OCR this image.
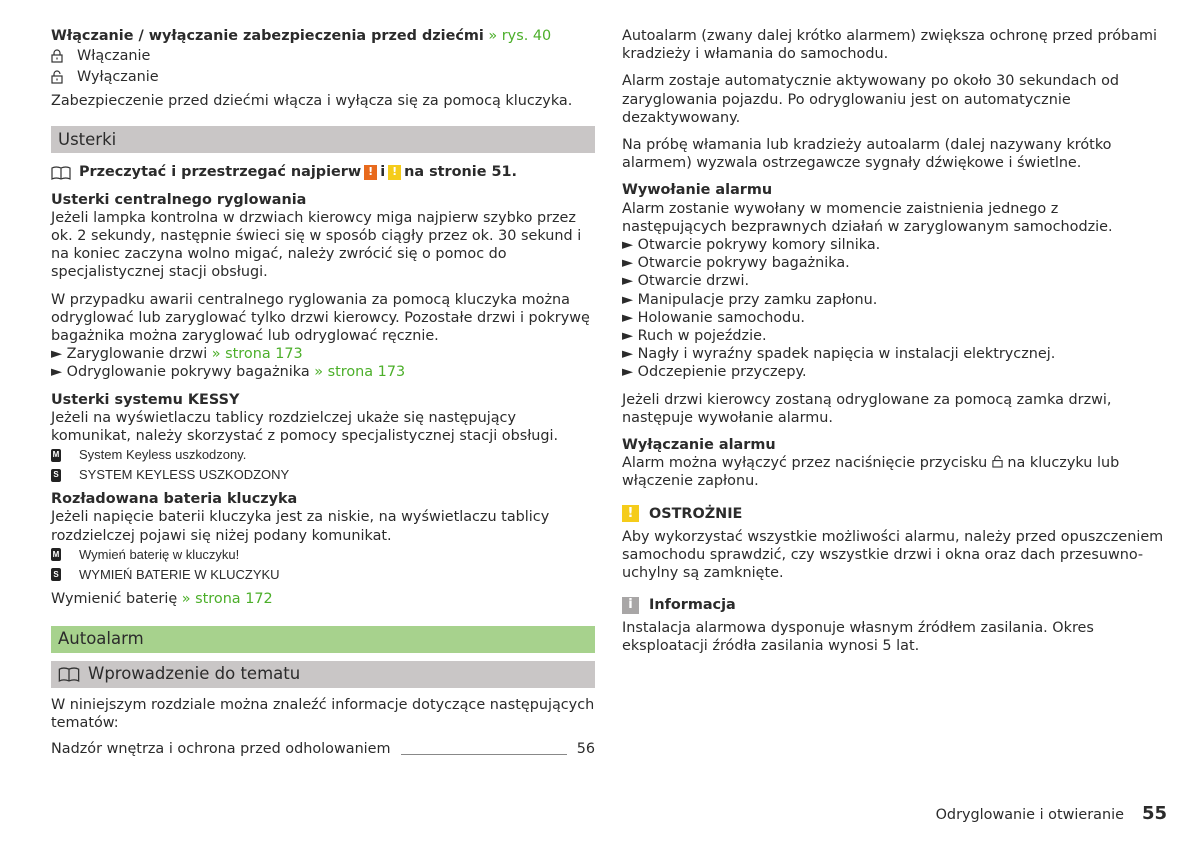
Włączanie / wyłączanie zabezpieczenia przed dziećmi » rys. 40

Włączanie
Wyłączanie

Zabezpieczenie przed dziećmi włącza i wyłącza się za pomocą kluczyka.

Usterki
Przeczytać i przestrzegać najpierw ! i ! na stronie 51.

Usterki centralnego ryglowania

Jeżeli lampka kontrolna w drzwiach kierowcy miga najpierw szybko przez ok. 2 sekundy, następnie świeci się w sposób ciągły przez ok. 30 sekund i na koniec zaczyna wolno migać, należy zwrócić się o pomoc do specjalistycznej stacji obsługi.

W przypadku awarii centralnego ryglowania za pomocą kluczyka można odryglować lub zaryglować tylko drzwi kierowcy. Pozostałe drzwi i pokrywę bagażnika można zaryglować lub odryglować ręcznie.

► Zaryglowanie drzwi » strona 173

► Odryglowanie pokrywy bagażnika » strona 173

Usterki systemu KESSY

Jeżeli na wyświetlaczu tablicy rozdzielczej ukaże się następujący komunikat, należy skorzystać z pomocy specjalistycznej stacji obsługi.

M System Keyless uszkodzony.
S SYSTEM KEYLESS USZKODZONY

Rozładowana bateria kluczyka

Jeżeli napięcie baterii kluczyka jest za niskie, na wyświetlaczu tablicy rozdzielczej pojawi się niżej podany komunikat.

M Wymień baterię w kluczyku!
S WYMIEŃ BATERIE W KLUCZYKU

Wymienić baterię » strona 172

Autoalarm
Wprowadzenie do tematu

W niniejszym rozdziale można znaleźć informacje dotyczące następujących tematów:

Nadzór wnętrza i ochrona przed odholowaniem	56

Autoalarm (zwany dalej krótko alarmem) zwiększa ochronę przed próbami kradzieży i włamania do samochodu.

Alarm zostaje automatycznie aktywowany po około 30 sekundach od zaryglowania pojazdu. Po odryglowaniu jest on automatycznie dezaktywowany.

Na próbę włamania lub kradzieży autoalarm (dalej nazywany krótko alarmem) wyzwala ostrzegawcze sygnały dźwiękowe i świetlne.

Wywołanie alarmu

Alarm zostanie wywołany w momencie zaistnienia jednego z następujących bezprawnych działań w zaryglowanym samochodzie.

► Otwarcie pokrywy komory silnika.

► Otwarcie pokrywy bagażnika.

► Otwarcie drzwi.

► Manipulacje przy zamku zapłonu.

► Holowanie samochodu.

► Ruch w pojeździe.

► Nagły i wyraźny spadek napięcia w instalacji elektrycznej.

► Odczepienie przyczepy.

Jeżeli drzwi kierowcy zostaną odryglowane za pomocą zamka drzwi, następuje wywołanie alarmu.

Wyłączanie alarmu

Alarm można wyłączyć przez naciśnięcie przycisku na kluczyku lub włączenie zapłonu.

!	OSTROŻNIE

Aby wykorzystać wszystkie możliwości alarmu, należy przed opuszczeniem samochodu sprawdzić, czy wszystkie drzwi i okna oraz dach przesuwno-uchylny są zamknięte.

i	Informacja

Instalacja alarmowa dysponuje własnym źródłem zasilania. Okres eksploatacji źródła zasilania wynosi 5 lat.

Odryglowanie i otwieranie 55
